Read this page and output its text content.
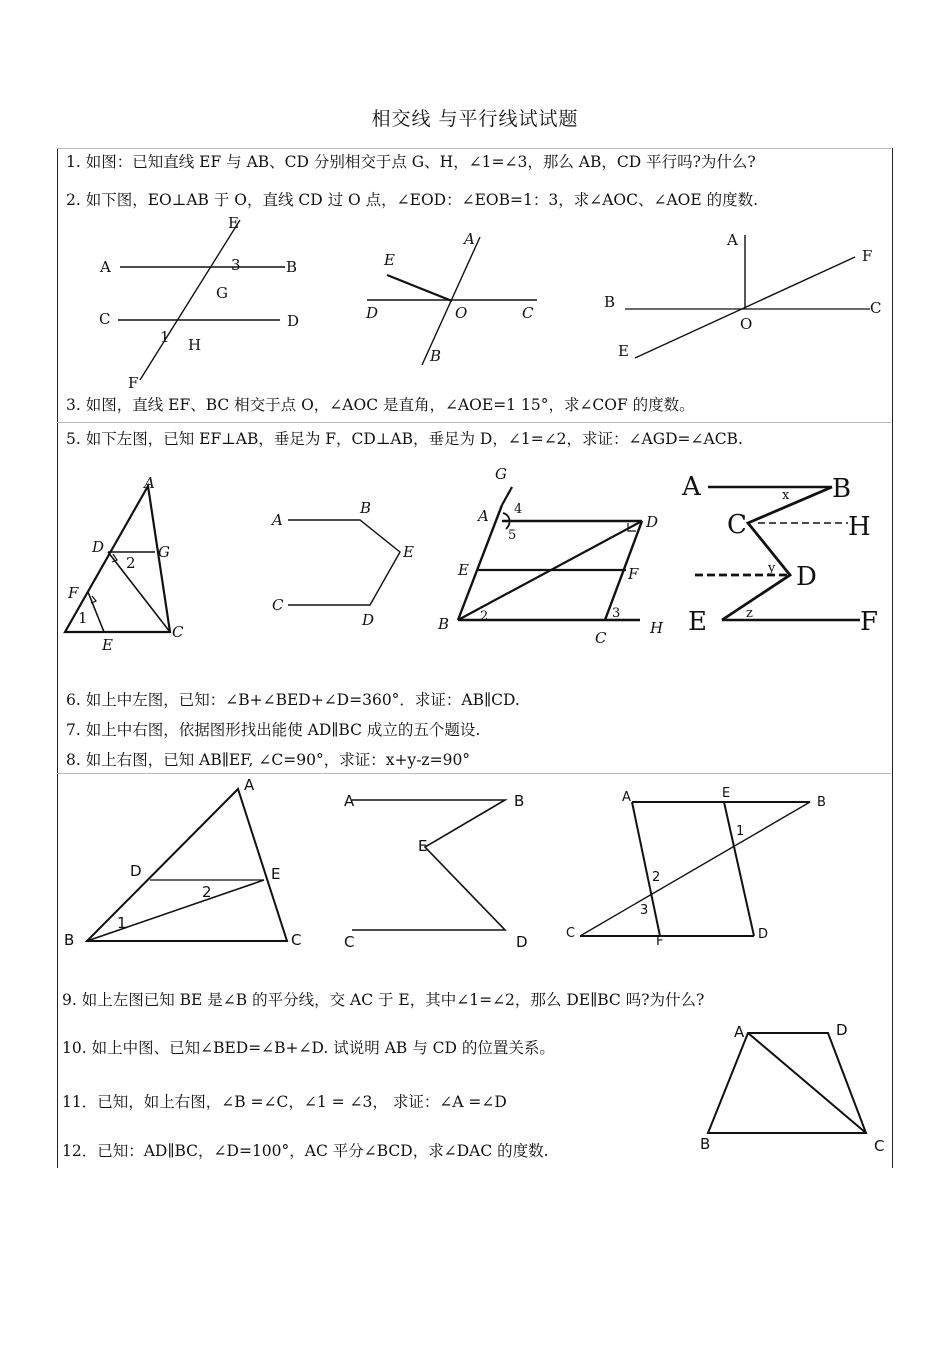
相交线 与平行线试试题
1. 如图：已知直线 EF 与 AB、CD 分别相交于点 G、H，∠1=∠3，那么 AB，CD 平行吗?为什么?
2. 如下图，EO⊥AB 于 O，直线 CD 过 O 点，∠EOD：∠EOB=1：3，求∠AOC、∠AOE 的度数.
E
A	3	B
G
C	D
1 H
F
A
E
D	O	C
B
A
F
B	C
O
E
3. 如图，直线 EF、BC 相交于点 O，∠AOC 是直角，∠AOE=1 15°，求∠COF 的度数。
5. 如下左图，已知 EF⊥AB，垂足为 F，CD⊥AB，垂足为 D，∠1=∠2，求证：∠AGD=∠ACB.
A
D	G
2
F
1
C
E
A
B
E
C
D
G
A 4
5
D
E	F
B 2	3
C
H
A	B
x
C	H
y D
E	z	F
6. 如上中左图，已知：∠B+∠BED+∠D=360°．求证：AB∥CD.
7. 如上中右图，依据图形找出能使 AD∥BC 成立的五个题设.
8. 如上右图，已知 AB∥EF, ∠C=90°，求证：x+y-z=90°
A
D
2
E
1
B	C
A	B
E
C	D
A	E
B
1
2
3
C
F	D
9. 如上左图已知 BE 是∠B 的平分线，交 AC 于 E，其中∠1=∠2，那么 DE∥BC 吗?为什么?
10. 如上中图、已知∠BED=∠B+∠D. 试说明 AB 与 CD 的位置关系。
11．已知，如上右图，∠B =∠C，∠1 = ∠3， 求证：∠A =∠D
12．已知：AD∥BC，∠D=100°，AC 平分∠BCD，求∠DAC 的度数.
A	D
B	C
